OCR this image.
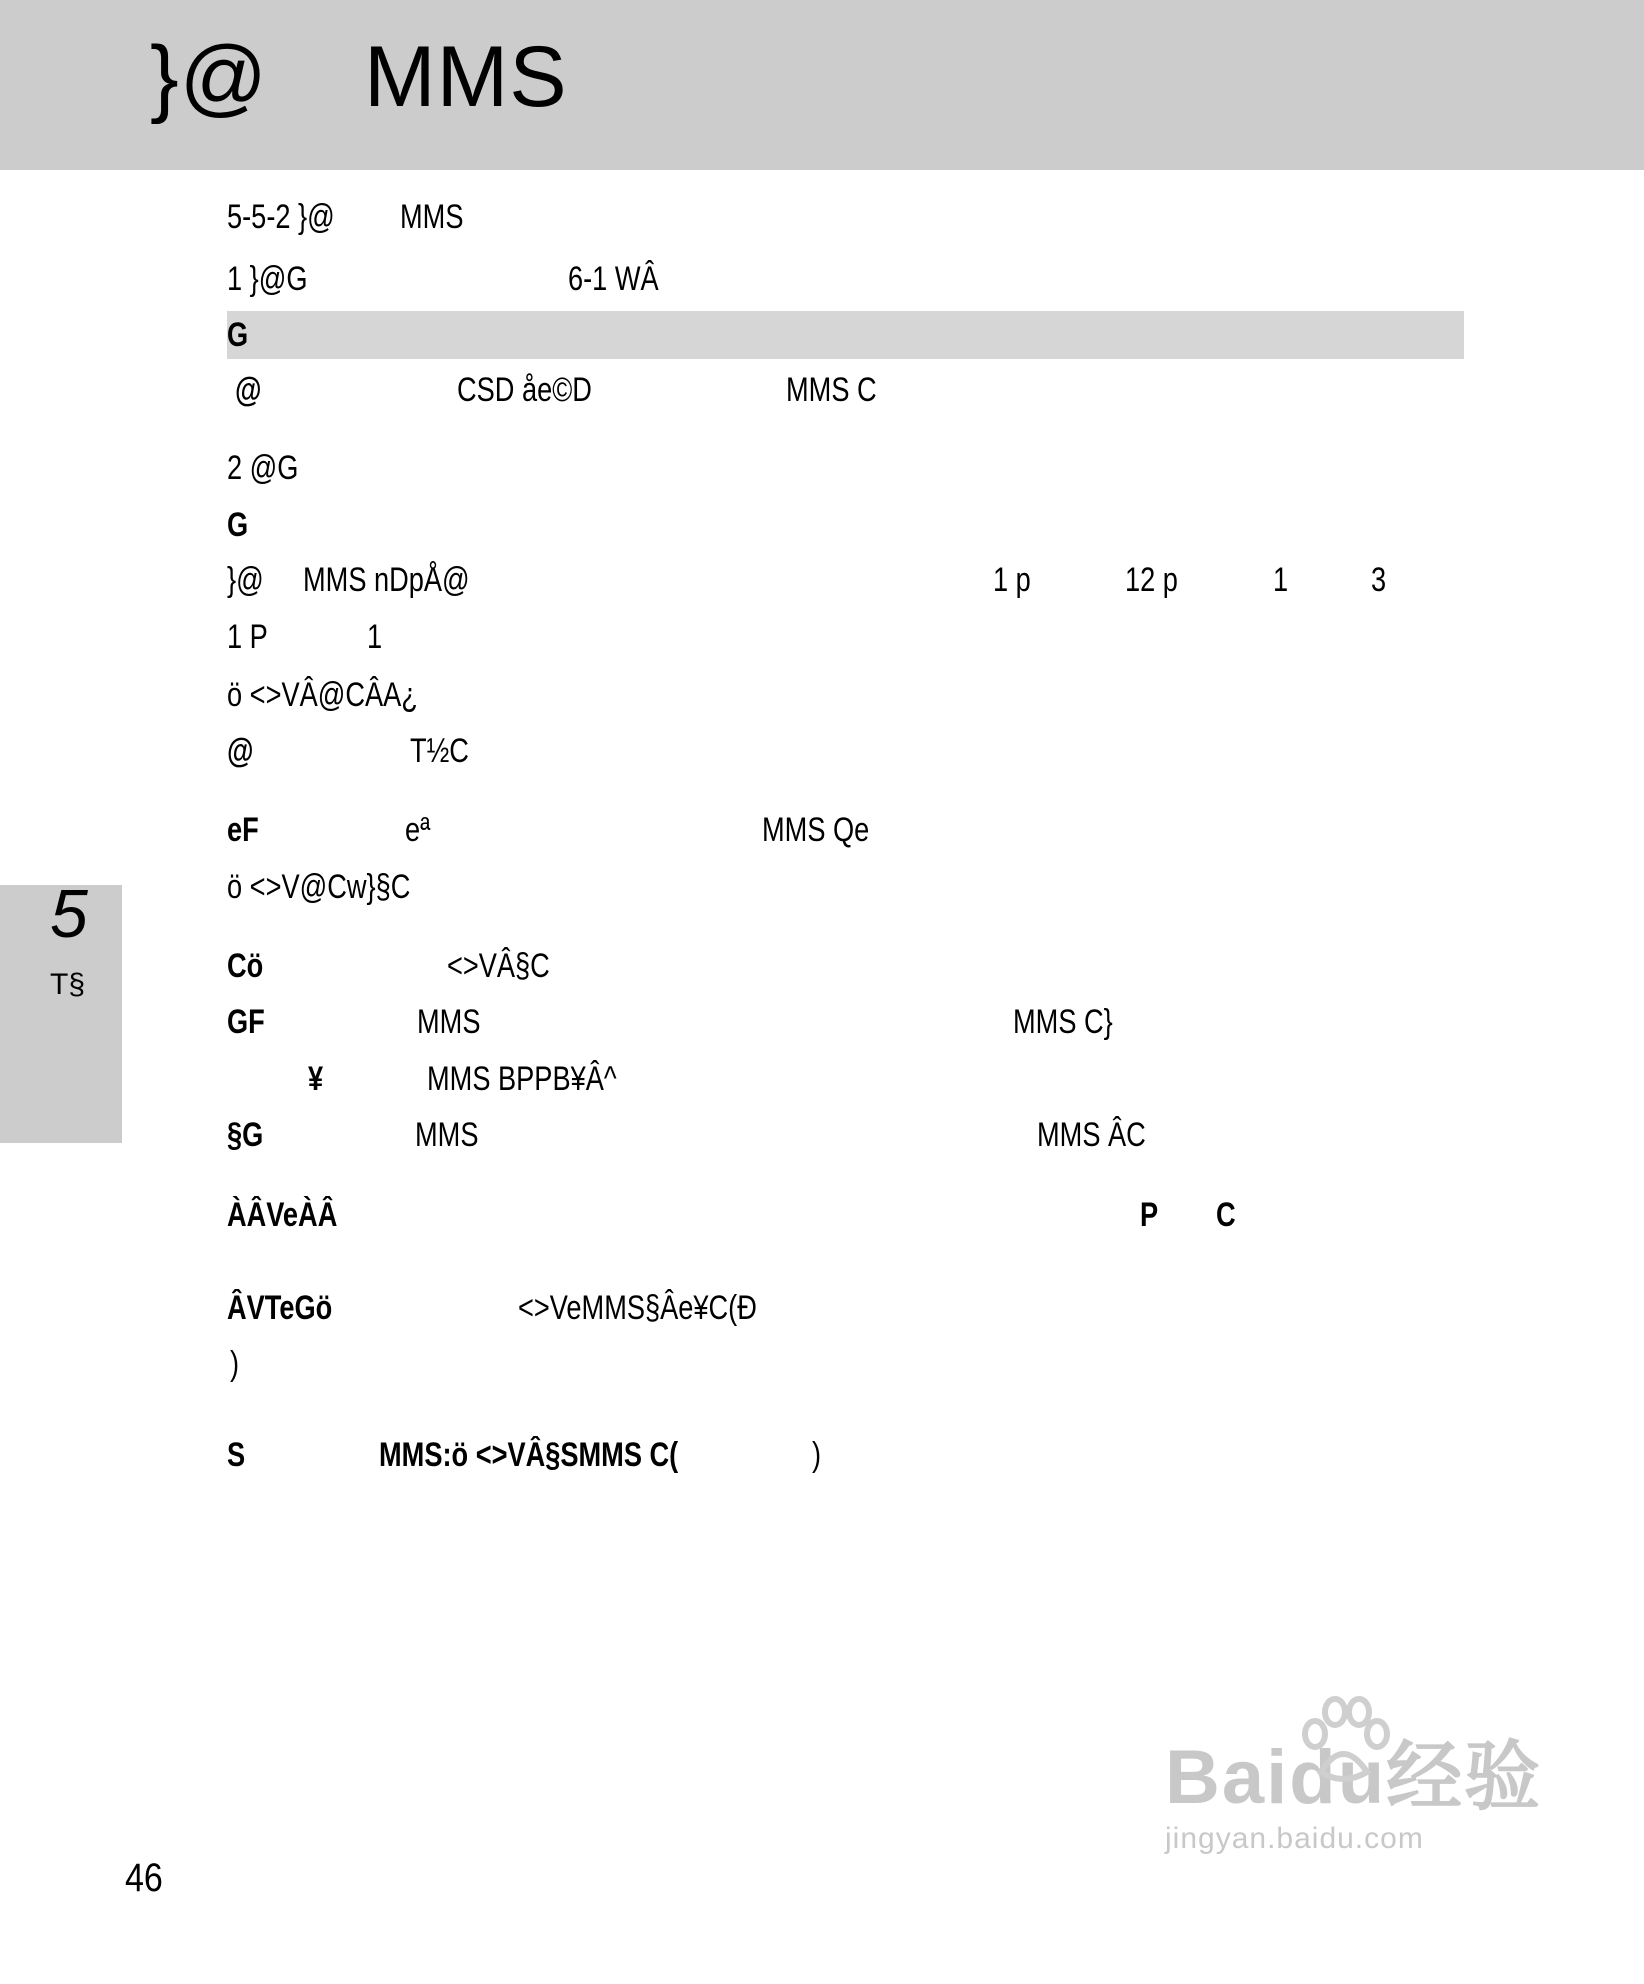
}@ MMS
5-5-2 }@ MMS
1 }@G	6-1 WÂ
G
@	CSD åe©D	MMS C
2 @G
G
}@ MMS nDpÅ@	1 p	12 p	1 3
1 P	1
ö <>VÂ@CÂA¿
@	T½C
eF	eª	MMS Qe
ö <>V@Cw}§C
Cö	<>VÂ§C
GF	MMS	MMS C}
¥	MMS BPPB¥Â^
§G	MMS	MMS ÂC
ÀÂVeÀÂ	P C
ÂVTeGö	<>VeMMS§Âe¥C(Ð
)
S	MMS:ö <>VÂ§SMMS C(	)
5
T§
46
Baidu经验
jingyan.baidu.com
